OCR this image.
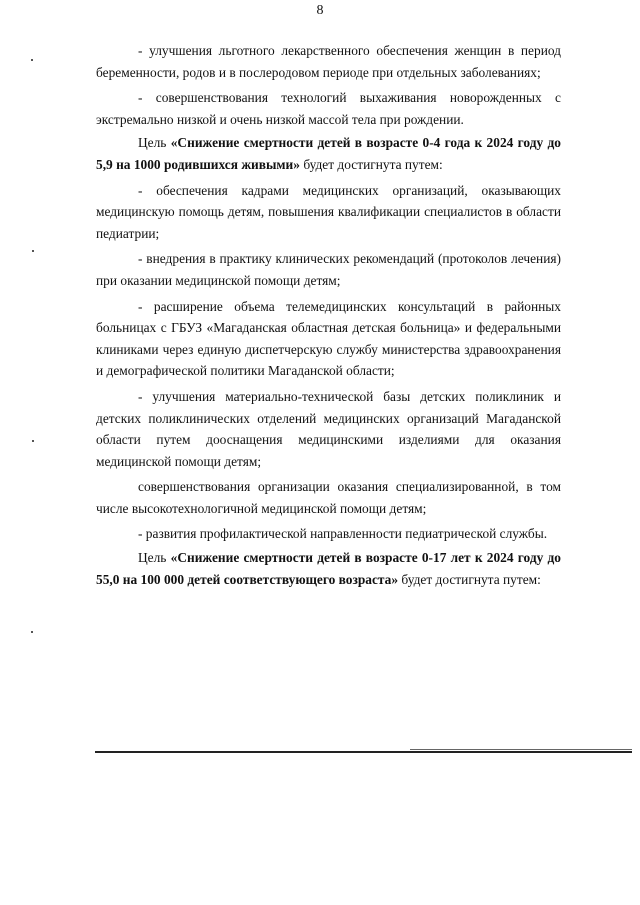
8

- улучшения льготного лекарственного обеспечения женщин в период беременности, родов и в послеродовом периоде при отдельных заболеваниях;

- совершенствования технологий выхаживания новорожденных с экстремально низкой и очень низкой массой тела при рождении.

Цель «Снижение смертности детей в возрасте 0-4 года к 2024 году до 5,9 на 1000 родившихся живыми» будет достигнута путем:

- обеспечения кадрами медицинских организаций, оказывающих медицинскую помощь детям, повышения квалификации специалистов в области педиатрии;

- внедрения в практику клинических рекомендаций (протоколов лечения) при оказании медицинской помощи детям;

- расширение объема телемедицинских консультаций в районных больницах с ГБУЗ «Магаданская областная детская больница» и федеральными клиниками через единую диспетчерскую службу министерства здравоохранения и демографической политики Магаданской области;

- улучшения материально-технической базы детских поликлиник и детских поликлинических отделений медицинских организаций Магаданской области путем дооснащения медицинскими изделиями для оказания медицинской помощи детям;

совершенствования организации оказания специализированной, в том числе высокотехнологичной медицинской помощи детям;

- развития профилактической направленности педиатрической службы.

Цель «Снижение смертности детей в возрасте 0-17 лет к 2024 году до 55,0 на 100 000 детей соответствующего возраста» будет достигнута путем:
